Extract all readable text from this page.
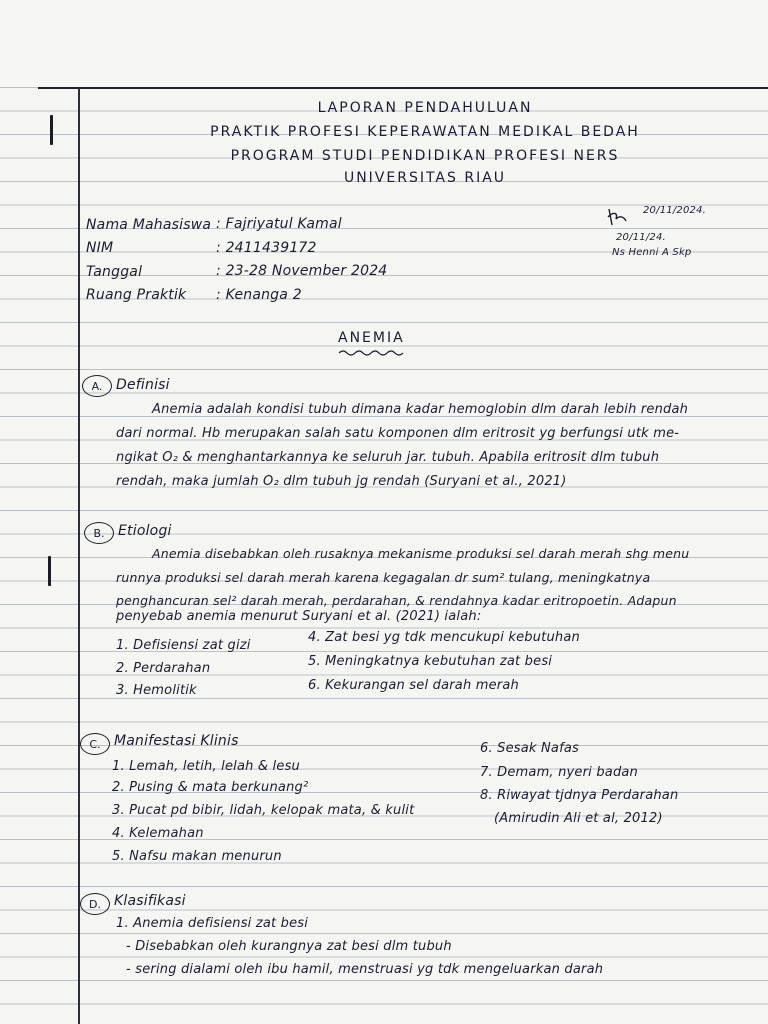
LAPORAN PENDAHULUAN
PRAKTIK PROFESI KEPERAWATAN MEDIKAL BEDAH
PROGRAM STUDI PENDIDIKAN PROFESI NERS
UNIVERSITAS RIAU
Nama Mahasiswa : Fajriyatul Kamal
NIM	: 2411439172
Tanggal	: 23-28 November 2024
Ruang Praktik : Kenanga 2
20/11/2024.
20/11/24.
Ns Henni A Skp
ANEMIA
A. Definisi
Anemia adalah kondisi tubuh dimana kadar hemoglobin dlm darah lebih rendah
dari normal. Hb merupakan salah satu komponen dlm eritrosit yg berfungsi utk me-
ngikat O₂ & menghantarkannya ke seluruh jar. tubuh. Apabila eritrosit dlm tubuh
rendah, maka jumlah O₂ dlm tubuh jg rendah (Suryani et al., 2021)
B. Etiologi
Anemia disebabkan oleh rusaknya mekanisme produksi sel darah merah shg menu
runnya produksi sel darah merah karena kegagalan dr sum² tulang, meningkatnya
penghancuran sel² darah merah, perdarahan, & rendahnya kadar eritropoetin. Adapun
penyebab anemia menurut Suryani et al. (2021) ialah:
1. Defisiensi zat gizi
2. Perdarahan
3. Hemolitik
4. Zat besi yg tdk mencukupi kebutuhan
5. Meningkatnya kebutuhan zat besi
6. Kekurangan sel darah merah
C. Manifestasi Klinis
1. Lemah, letih, lelah & lesu
2. Pusing & mata berkunang²
3. Pucat pd bibir, lidah, kelopak mata, & kulit
4. Kelemahan
5. Nafsu makan menurun
6. Sesak Nafas
7. Demam, nyeri badan
8. Riwayat tjdnya Perdarahan
(Amirudin Ali et al, 2012)
D. Klasifikasi
1. Anemia defisiensi zat besi
- Disebabkan oleh kurangnya zat besi dlm tubuh
- sering dialami oleh ibu hamil, menstruasi yg tdk mengeluarkan darah
